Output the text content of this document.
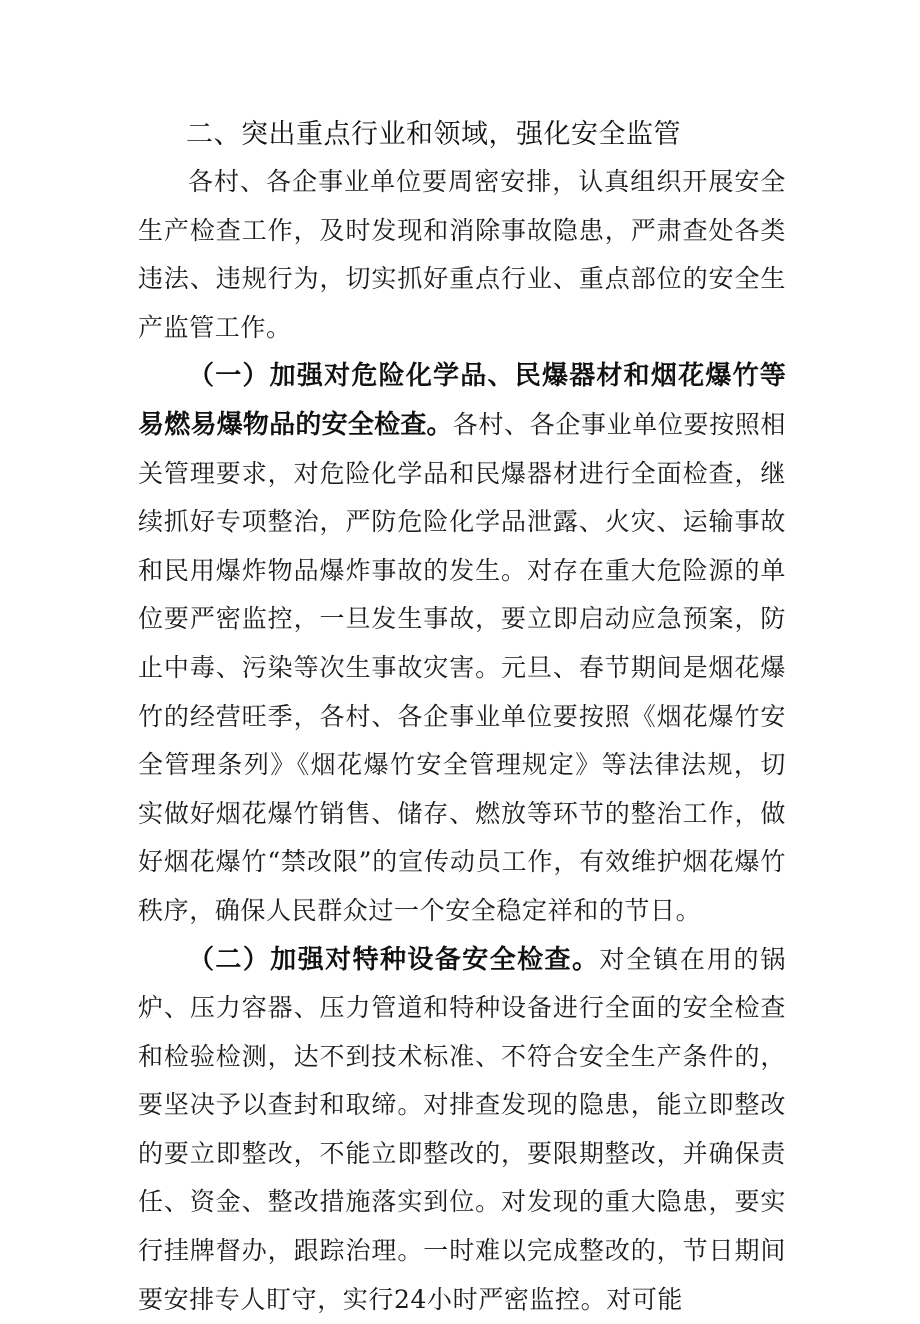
二、突出重点行业和领域，强化安全监管

各村、各企事业单位要周密安排，认真组织开展安全生产检查工作，及时发现和消除事故隐患，严肃查处各类违法、违规行为，切实抓好重点行业、重点部位的安全生产监管工作。

（一）加强对危险化学品、民爆器材和烟花爆竹等易燃易爆物品的安全检查。各村、各企事业单位要按照相关管理要求，对危险化学品和民爆器材进行全面检查，继续抓好专项整治，严防危险化学品泄露、火灾、运输事故和民用爆炸物品爆炸事故的发生。对存在重大危险源的单位要严密监控，一旦发生事故，要立即启动应急预案，防止中毒、污染等次生事故灾害。元旦、春节期间是烟花爆竹的经营旺季，各村、各企事业单位要按照《烟花爆竹安全管理条列》《烟花爆竹安全管理规定》等法律法规，切实做好烟花爆竹销售、储存、燃放等环节的整治工作，做好烟花爆竹“禁改限”的宣传动员工作，有效维护烟花爆竹秩序，确保人民群众过一个安全稳定祥和的节日。

（二）加强对特种设备安全检查。对全镇在用的锅炉、压力容器、压力管道和特种设备进行全面的安全检查和检验检测，达不到技术标准、不符合安全生产条件的，要坚决予以查封和取缔。对排查发现的隐患，能立即整改的要立即整改，不能立即整改的，要限期整改，并确保责任、资金、整改措施落实到位。对发现的重大隐患，要实行挂牌督办，跟踪治理。一时难以完成整改的，节日期间要安排专人盯守，实行24小时严密监控。对可能
